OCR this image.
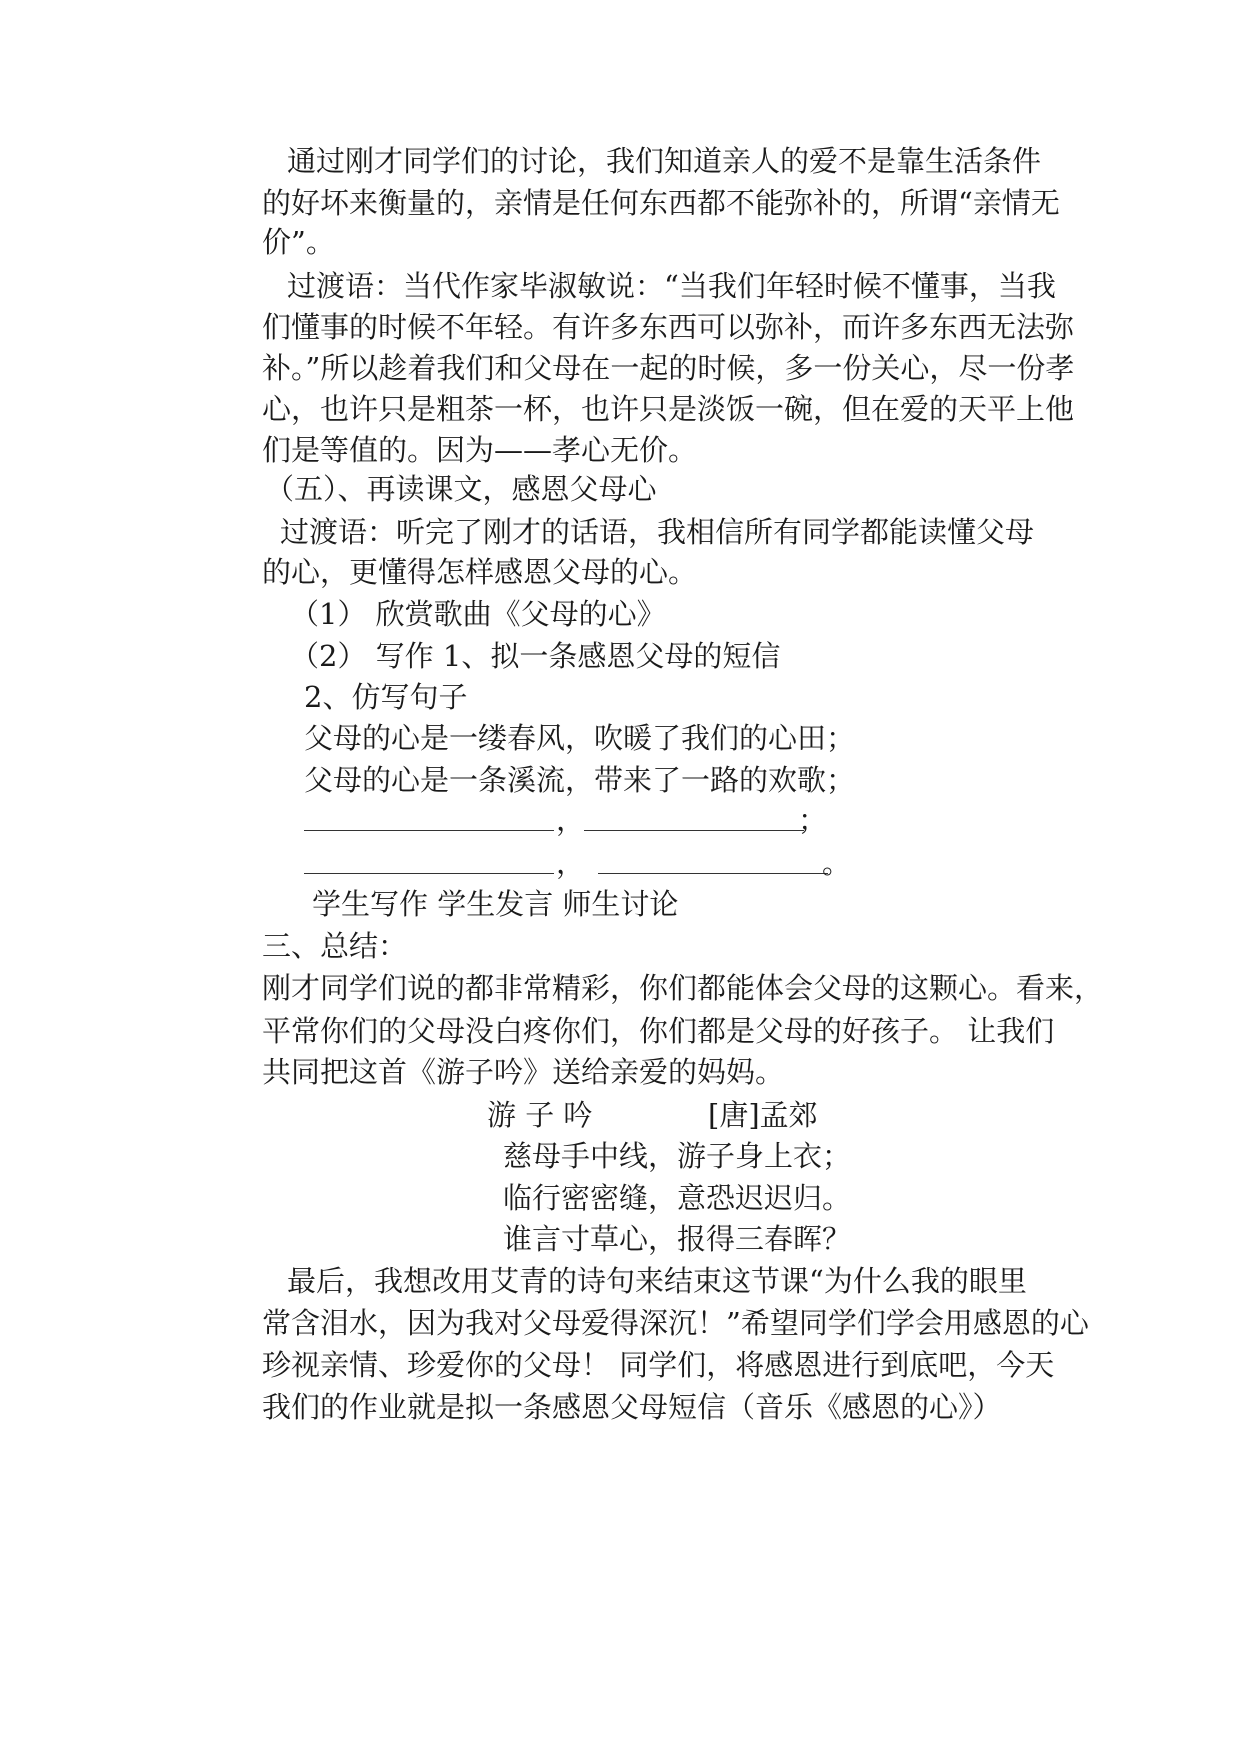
通过刚才同学们的讨论，我们知道亲人的爱不是靠生活条件
的好坏来衡量的，亲情是任何东西都不能弥补的，所谓“亲情无
价”。
过渡语：当代作家毕淑敏说：“当我们年轻时候不懂事，当我
们懂事的时候不年轻。有许多东西可以弥补，而许多东西无法弥
补。”所以趁着我们和父母在一起的时候，多一份关心，尽一份孝
心，也许只是粗茶一杯，也许只是淡饭一碗，但在爱的天平上他
们是等值的。因为——孝心无价。
（五）、再读课文，感恩父母心
过渡语：听完了刚才的话语，我相信所有同学都能读懂父母
的心，更懂得怎样感恩父母的心。
（1） 欣赏歌曲《父母的心》
（2） 写作 1、拟一条感恩父母的短信
2、仿写句子
父母的心是一缕春风，吹暖了我们的心田；
父母的心是一条溪流，带来了一路的欢歌；
，	；
，	。
学生写作 学生发言 师生讨论
三、总结：
刚才同学们说的都非常精彩，你们都能体会父母的这颗心。看来，
平常你们的父母没白疼你们，你们都是父母的好孩子。 让我们
共同把这首《游子吟》送给亲爱的妈妈。
游 子 吟	[唐]孟郊
慈母手中线，游子身上衣；
临行密密缝，意恐迟迟归。
谁言寸草心，报得三春晖？
最后，我想改用艾青的诗句来结束这节课“为什么我的眼里
常含泪水，因为我对父母爱得深沉！”希望同学们学会用感恩的心
珍视亲情、珍爱你的父母！ 同学们，将感恩进行到底吧，今天
我们的作业就是拟一条感恩父母短信（音乐《感恩的心》）
